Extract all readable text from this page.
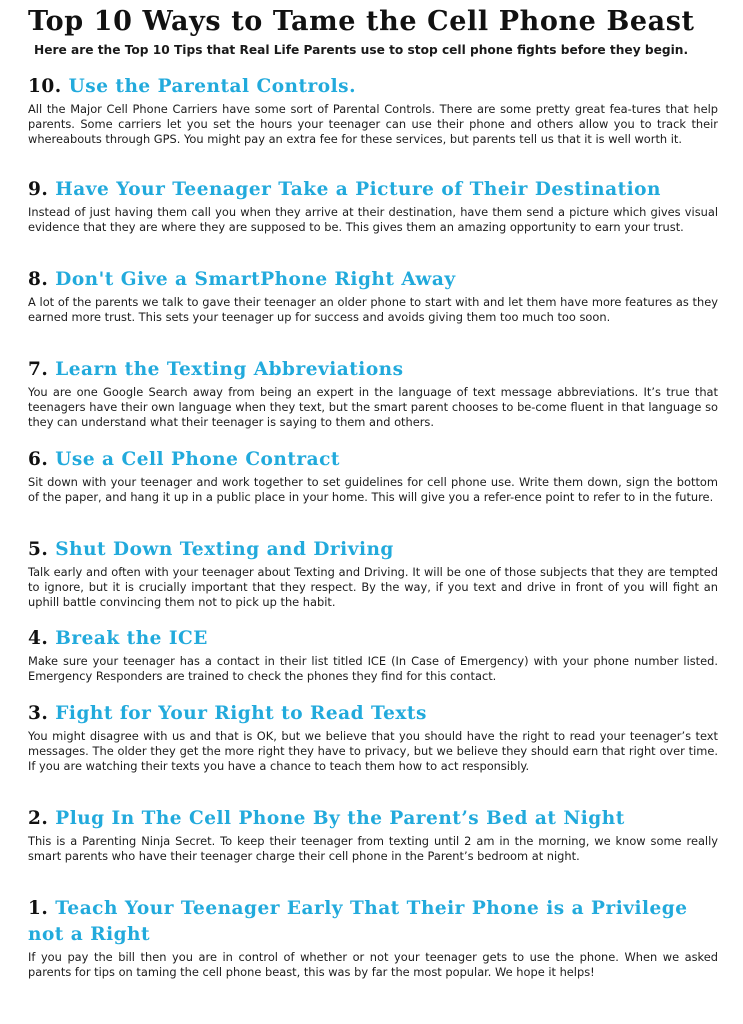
Top 10 Ways to Tame the Cell Phone Beast
Here are the Top 10 Tips that Real Life Parents use to stop cell phone fights before they begin.
10. Use the Parental Controls.

All the Major Cell Phone Carriers have some sort of Parental Controls. There are some pretty great fea-tures that help parents. Some carriers let you set the hours your teenager can use their phone and others allow you to track their whereabouts through GPS. You might pay an extra fee for these services, but parents tell us that it is well worth it.

9. Have Your Teenager Take a Picture of Their Destination

Instead of just having them call you when they arrive at their destination, have them send a picture which gives visual evidence that they are where they are supposed to be. This gives them an amazing opportunity to earn your trust.

8. Don't Give a SmartPhone Right Away

A lot of the parents we talk to gave their teenager an older phone to start with and let them have more features as they earned more trust. This sets your teenager up for success and avoids giving them too much too soon.

7. Learn the Texting Abbreviations

You are one Google Search away from being an expert in the language of text message abbreviations. It’s true that teenagers have their own language when they text, but the smart parent chooses to be-come fluent in that language so they can understand what their teenager is saying to them and others.

6. Use a Cell Phone Contract

Sit down with your teenager and work together to set guidelines for cell phone use. Write them down, sign the bottom of the paper, and hang it up in a public place in your home. This will give you a refer-ence point to refer to in the future.

5. Shut Down Texting and Driving

Talk early and often with your teenager about Texting and Driving. It will be one of those subjects that they are tempted to ignore, but it is crucially important that they respect. By the way, if you text and drive in front of you will fight an uphill battle convincing them not to pick up the habit.

4. Break the ICE

Make sure your teenager has a contact in their list titled ICE (In Case of Emergency) with your phone number listed. Emergency Responders are trained to check the phones they find for this contact.

3. Fight for Your Right to Read Texts

You might disagree with us and that is OK, but we believe that you should have the right to read your teenager’s text messages. The older they get the more right they have to privacy, but we believe they should earn that right over time. If you are watching their texts you have a chance to teach them how to act responsibly.

2. Plug In The Cell Phone By the Parent’s Bed at Night

This is a Parenting Ninja Secret. To keep their teenager from texting until 2 am in the morning, we know some really smart parents who have their teenager charge their cell phone in the Parent’s bedroom at night.

1. Teach Your Teenager Early That Their Phone is a Privilege not a Right

If you pay the bill then you are in control of whether or not your teenager gets to use the phone. When we asked parents for tips on taming the cell phone beast, this was by far the most popular. We hope it helps!
